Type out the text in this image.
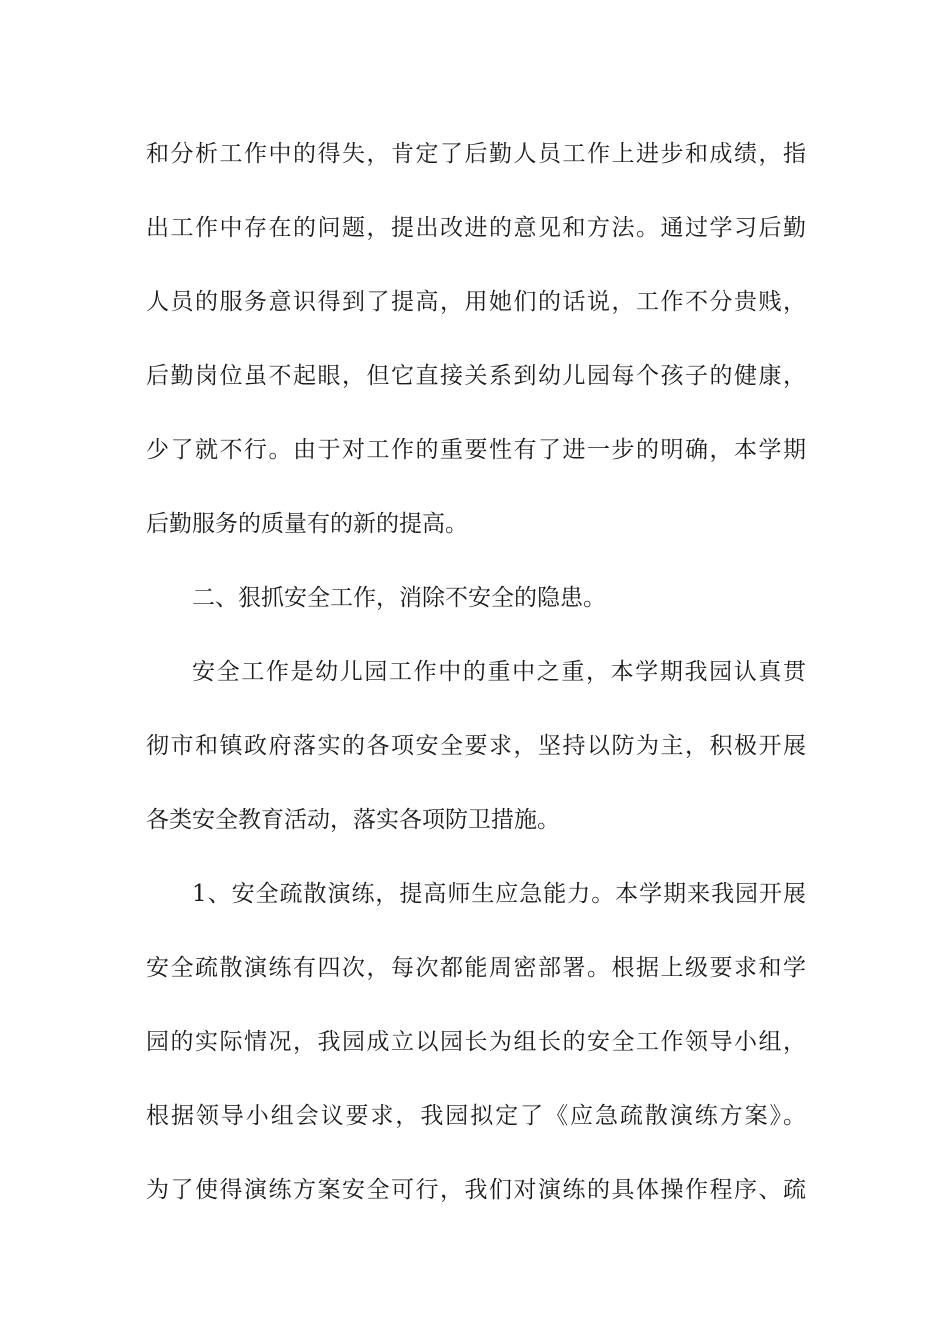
和分析工作中的得失，肯定了后勤人员工作上进步和成绩，指
出工作中存在的问题，提出改进的意见和方法。通过学习后勤
人员的服务意识得到了提高，用她们的话说，工作不分贵贱，
后勤岗位虽不起眼，但它直接关系到幼儿园每个孩子的健康，
少了就不行。由于对工作的重要性有了进一步的明确，本学期
后勤服务的质量有的新的提高。
二、狠抓安全工作，消除不安全的隐患。
安全工作是幼儿园工作中的重中之重，本学期我园认真贯
彻市和镇政府落实的各项安全要求，坚持以防为主，积极开展
各类安全教育活动，落实各项防卫措施。
1、安全疏散演练，提高师生应急能力。本学期来我园开展
安全疏散演练有四次，每次都能周密部署。根据上级要求和学
园的实际情况，我园成立以园长为组长的安全工作领导小组，
根据领导小组会议要求，我园拟定了《应急疏散演练方案》。
为了使得演练方案安全可行，我们对演练的具体操作程序、疏
